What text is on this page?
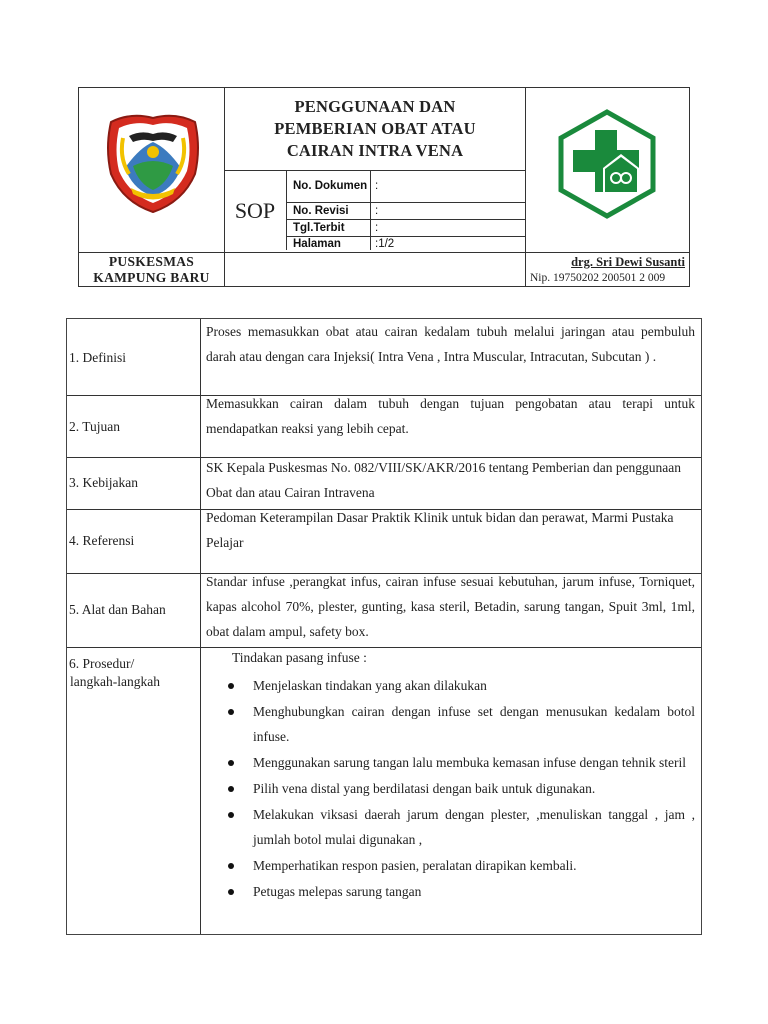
PENGGUNAAN DAN
PEMBERIAN OBAT ATAU
CAIRAN INTRA VENA
SOP
No. Dokumen :
No. Revisi	:
Tgl.Terbit	:
Halaman	:1/2
PUSKESMAS
KAMPUNG BARU
drg. Sri Dewi Susanti
Nip. 19750202 200501 2 009
1. Definisi
Proses memasukkan obat atau cairan kedalam tubuh melalui jaringan atau pembuluh darah atau dengan cara Injeksi( Intra Vena , Intra Muscular, Intracutan, Subcutan ) .
2. Tujuan
Memasukkan cairan dalam tubuh dengan tujuan pengobatan atau terapi untuk mendapatkan reaksi yang lebih cepat.
3. Kebijakan
SK Kepala Puskesmas No. 082/VIII/SK/AKR/2016 tentang Pemberian dan penggunaan Obat dan atau Cairan Intravena
4. Referensi
Pedoman Keterampilan Dasar Praktik Klinik untuk bidan dan perawat, Marmi Pustaka Pelajar
5. Alat dan Bahan
Standar infuse ,perangkat infus, cairan infuse sesuai kebutuhan, jarum infuse, Torniquet, kapas alcohol 70%, plester, gunting, kasa steril, Betadin, sarung tangan, Spuit 3ml, 1ml, obat dalam ampul, safety box.
6. Prosedur/
langkah-langkah
Tindakan pasang infuse :
Menjelaskan tindakan yang akan dilakukan
Menghubungkan cairan dengan infuse set dengan menusukan kedalam botol infuse.
Menggunakan sarung tangan lalu membuka kemasan infuse dengan tehnik steril
Pilih vena distal yang berdilatasi dengan baik untuk digunakan.
Melakukan viksasi daerah jarum dengan plester, ,menuliskan tanggal , jam , jumlah botol mulai digunakan ,
Memperhatikan respon pasien, peralatan dirapikan kembali.
Petugas melepas sarung tangan
